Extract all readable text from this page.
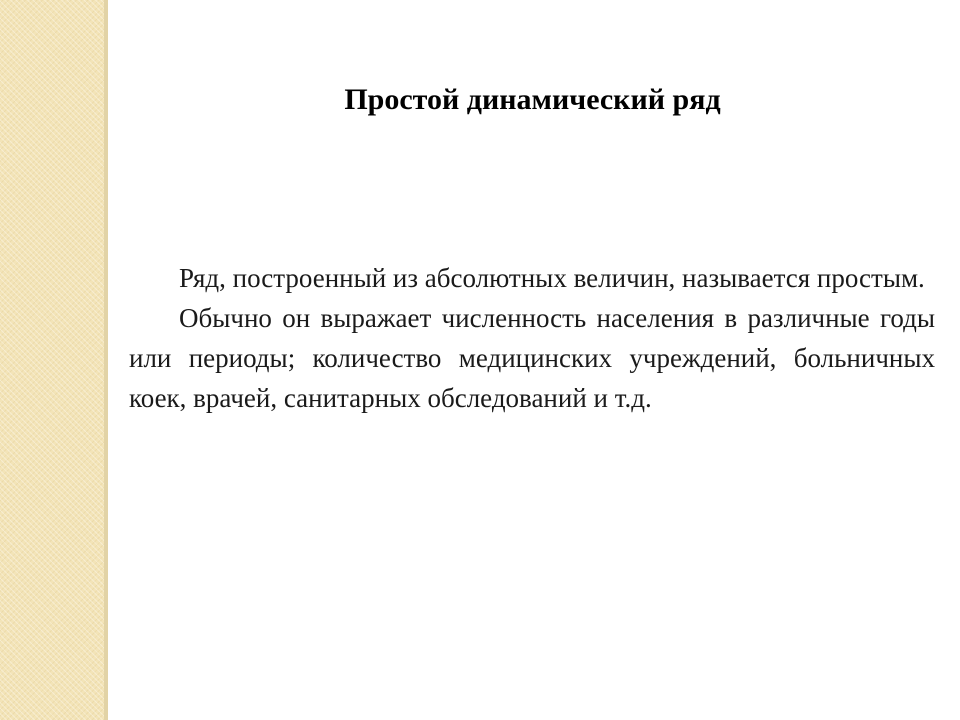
Простой динамический ряд

Ряд, построенный из абсолютных величин, называется простым.

Обычно он выражает численность населения в различные годы или периоды; количество медицинских учреждений, больничных коек, врачей, санитарных обследований и т.д.
